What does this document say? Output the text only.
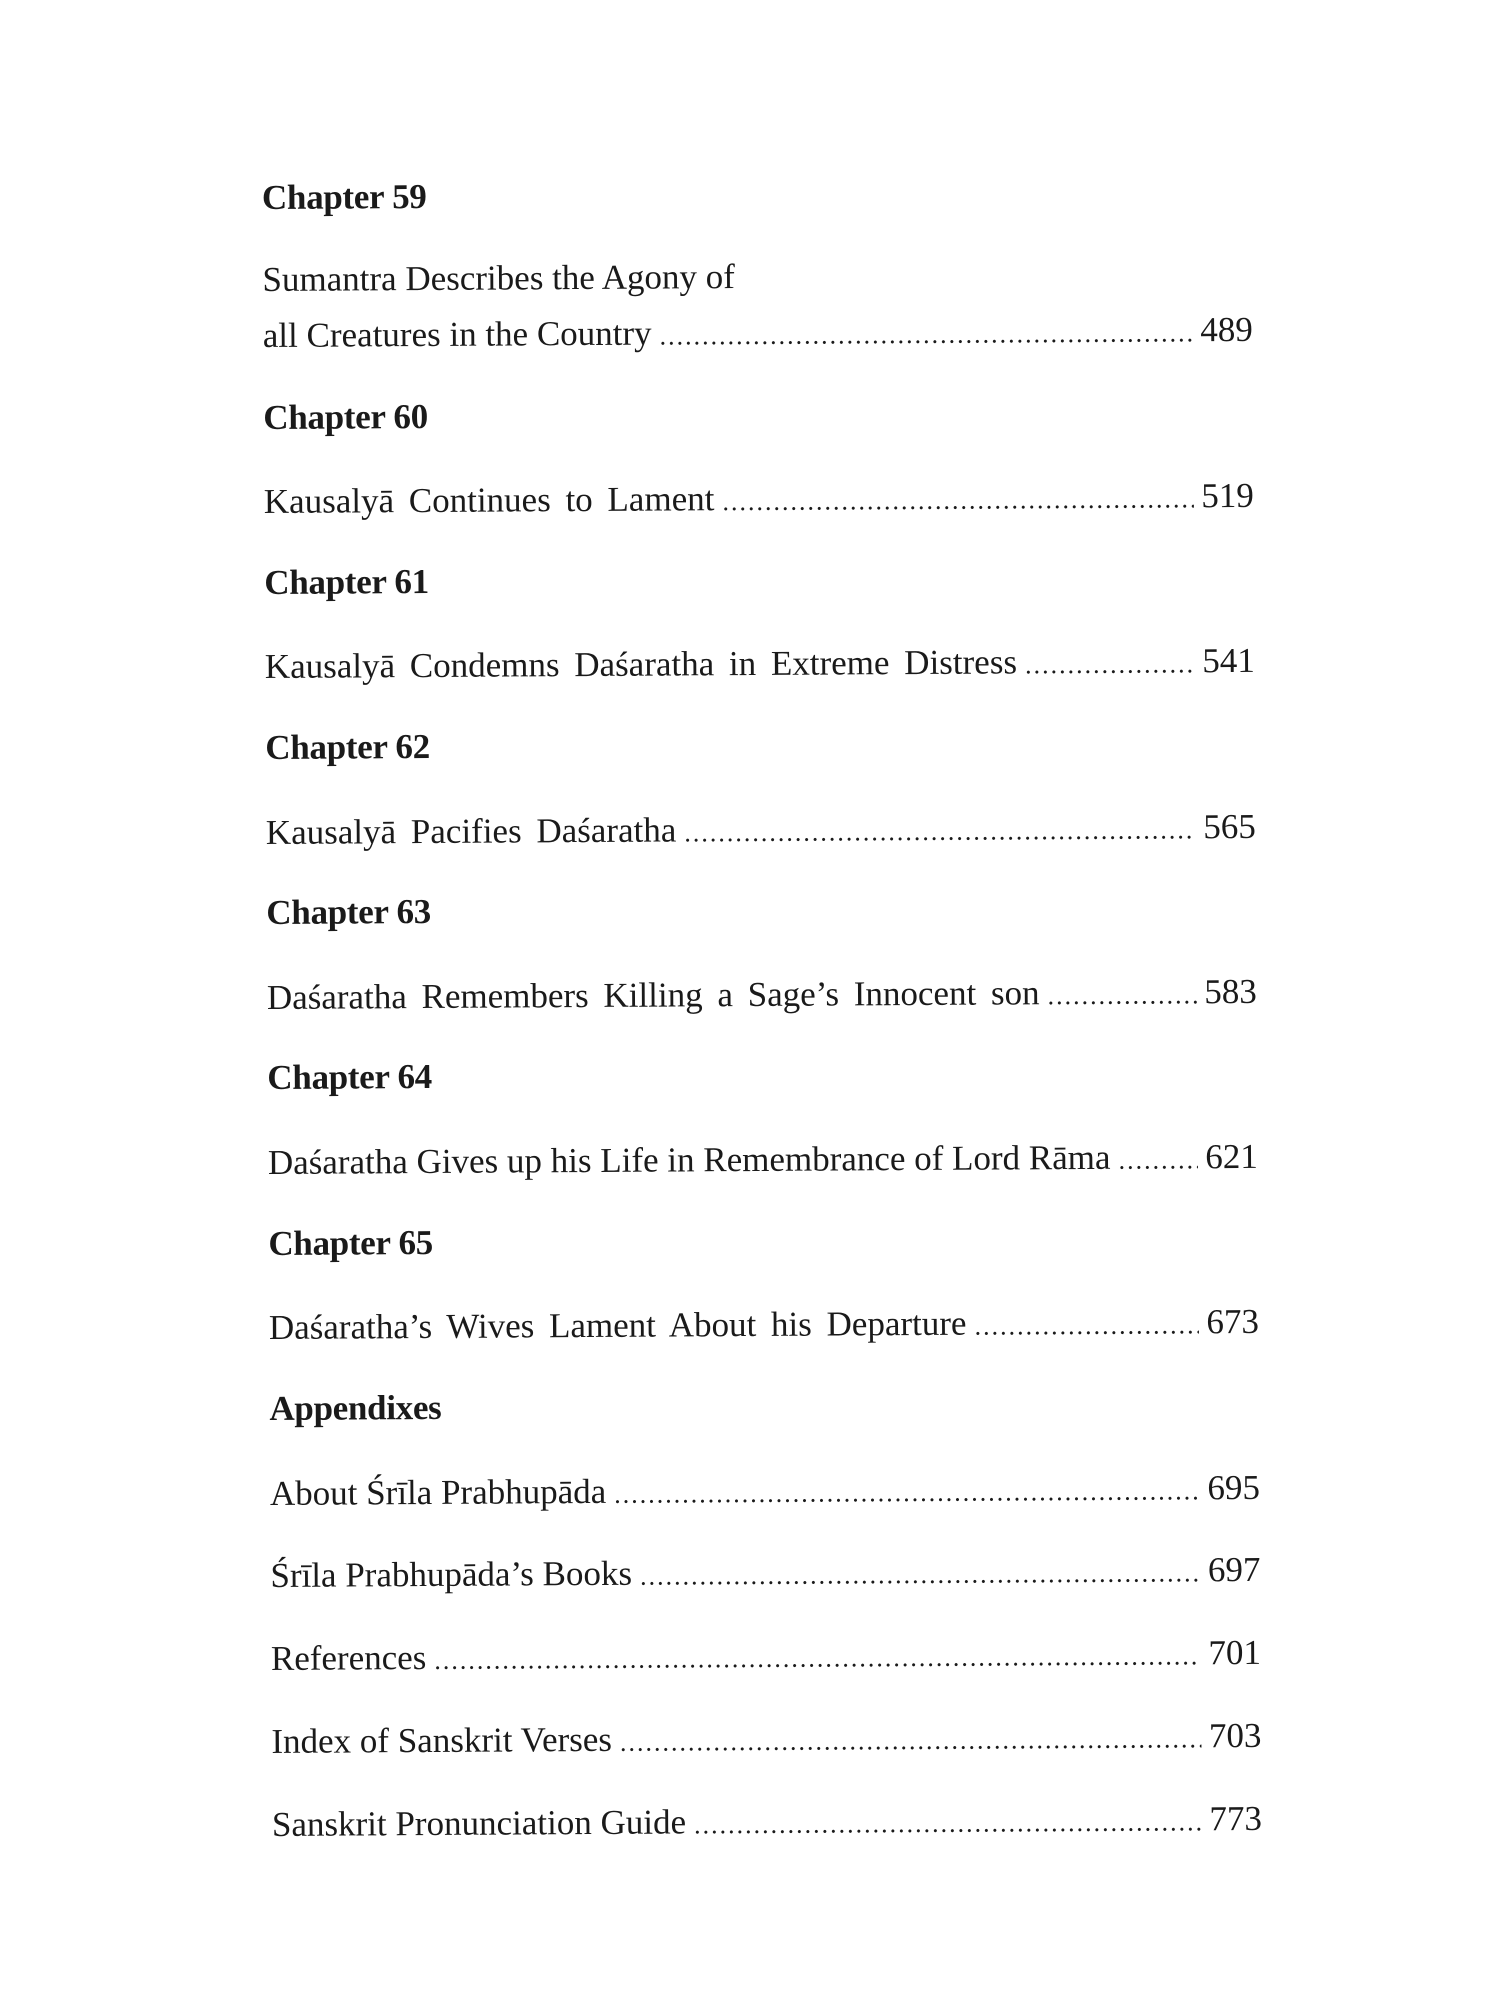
Chapter 59
Sumantra Describes the Agony of
all Creatures in the Country .....	489
Chapter 60
Kausalyā Continues to Lament .....	519
Chapter 61
Kausalyā Condemns Daśaratha in Extreme Distress .....	541
Chapter 62
Kausalyā Pacifies Daśaratha .....	565
Chapter 63
Daśaratha Remembers Killing a Sage’s Innocent son .....	583
Chapter 64
Daśaratha Gives up his Life in Remembrance of Lord Rāma .....	621
Chapter 65
Daśaratha’s Wives Lament About his Departure .....	673
Appendixes
About Śrīla Prabhupāda .....	695
Śrīla Prabhupāda’s Books .....	697
References .....	701
Index of Sanskrit Verses .....	703
Sanskrit Pronunciation Guide .....	773
